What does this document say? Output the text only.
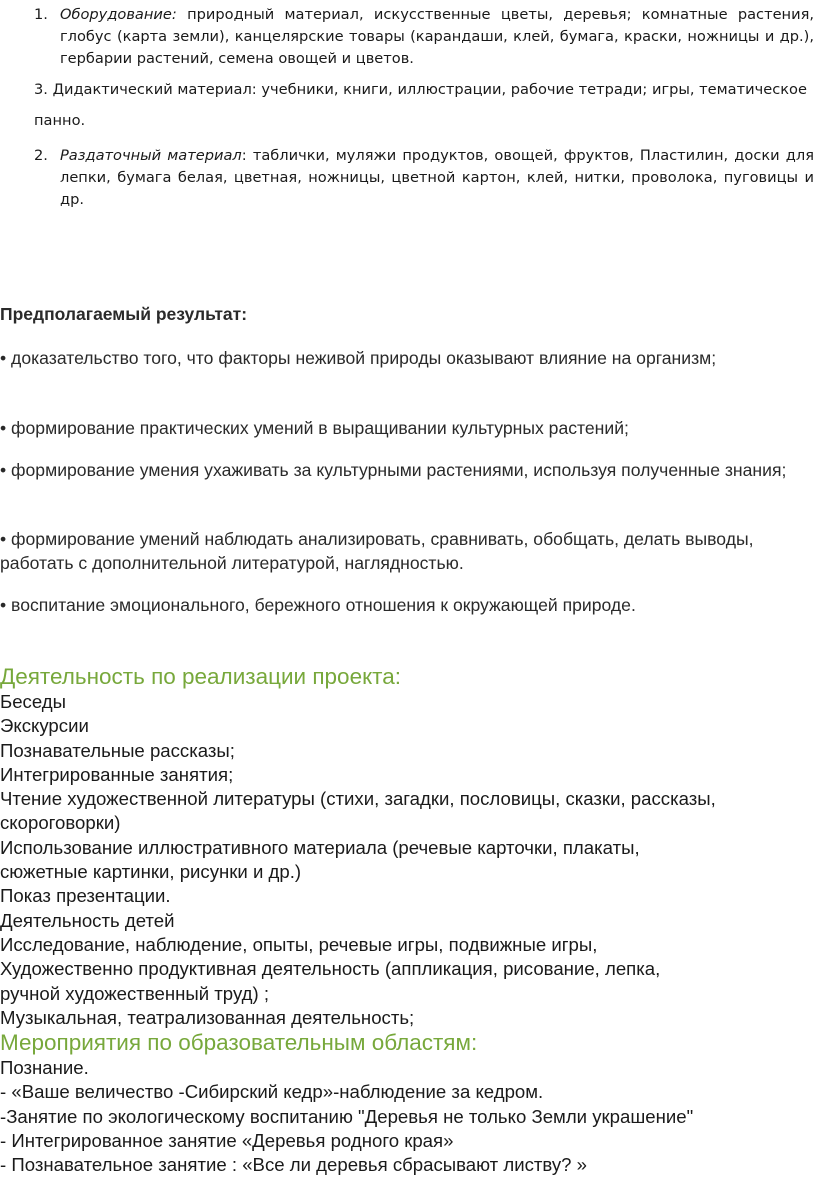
1. Оборудование: природный материал, искусственные цветы, деревья; комнатные растения, глобус (карта земли), канцелярские товары (карандаши, клей, бумага, краски, ножницы и др.), гербарии растений, семена овощей и цветов.
3. Дидактический материал: учебники, книги, иллюстрации, рабочие тетради; игры, тематическое панно.
2. Раздаточный материал: таблички, муляжи продуктов, овощей, фруктов, Пластилин, доски для лепки, бумага белая, цветная, ножницы, цветной картон, клей, нитки, проволока, пуговицы и др.
Предполагаемый результат:
• доказательство того, что факторы неживой природы оказывают влияние на организм;
• формирование практических умений в выращивании культурных растений;
• формирование умения ухаживать за культурными растениями, используя полученные знания;
• формирование умений наблюдать анализировать, сравнивать, обобщать, делать выводы, работать с дополнительной литературой, наглядностью.
• воспитание эмоционального, бережного отношения к окружающей природе.
Деятельность по реализации проекта:
Беседы
Экскурсии
Познавательные рассказы;
Интегрированные занятия;
Чтение художественной литературы (стихи, загадки, пословицы, сказки, рассказы,
скороговорки)
Использование иллюстративного материала (речевые карточки, плакаты,
сюжетные картинки, рисунки и др.)
Показ презентации.
Деятельность детей
Исследование, наблюдение, опыты, речевые игры, подвижные игры,
Художественно продуктивная деятельность (аппликация, рисование, лепка,
ручной художественный труд) ;
Музыкальная, театрализованная деятельность;
Мероприятия по образовательным областям:
Познание.
- «Ваше величество -Сибирский кедр»-наблюдение за кедром.
-Занятие по экологическому воспитанию "Деревья не только Земли украшение"
- Интегрированное занятие «Деревья родного края»
- Познавательное занятие : «Все ли деревья сбрасывают листву? »
